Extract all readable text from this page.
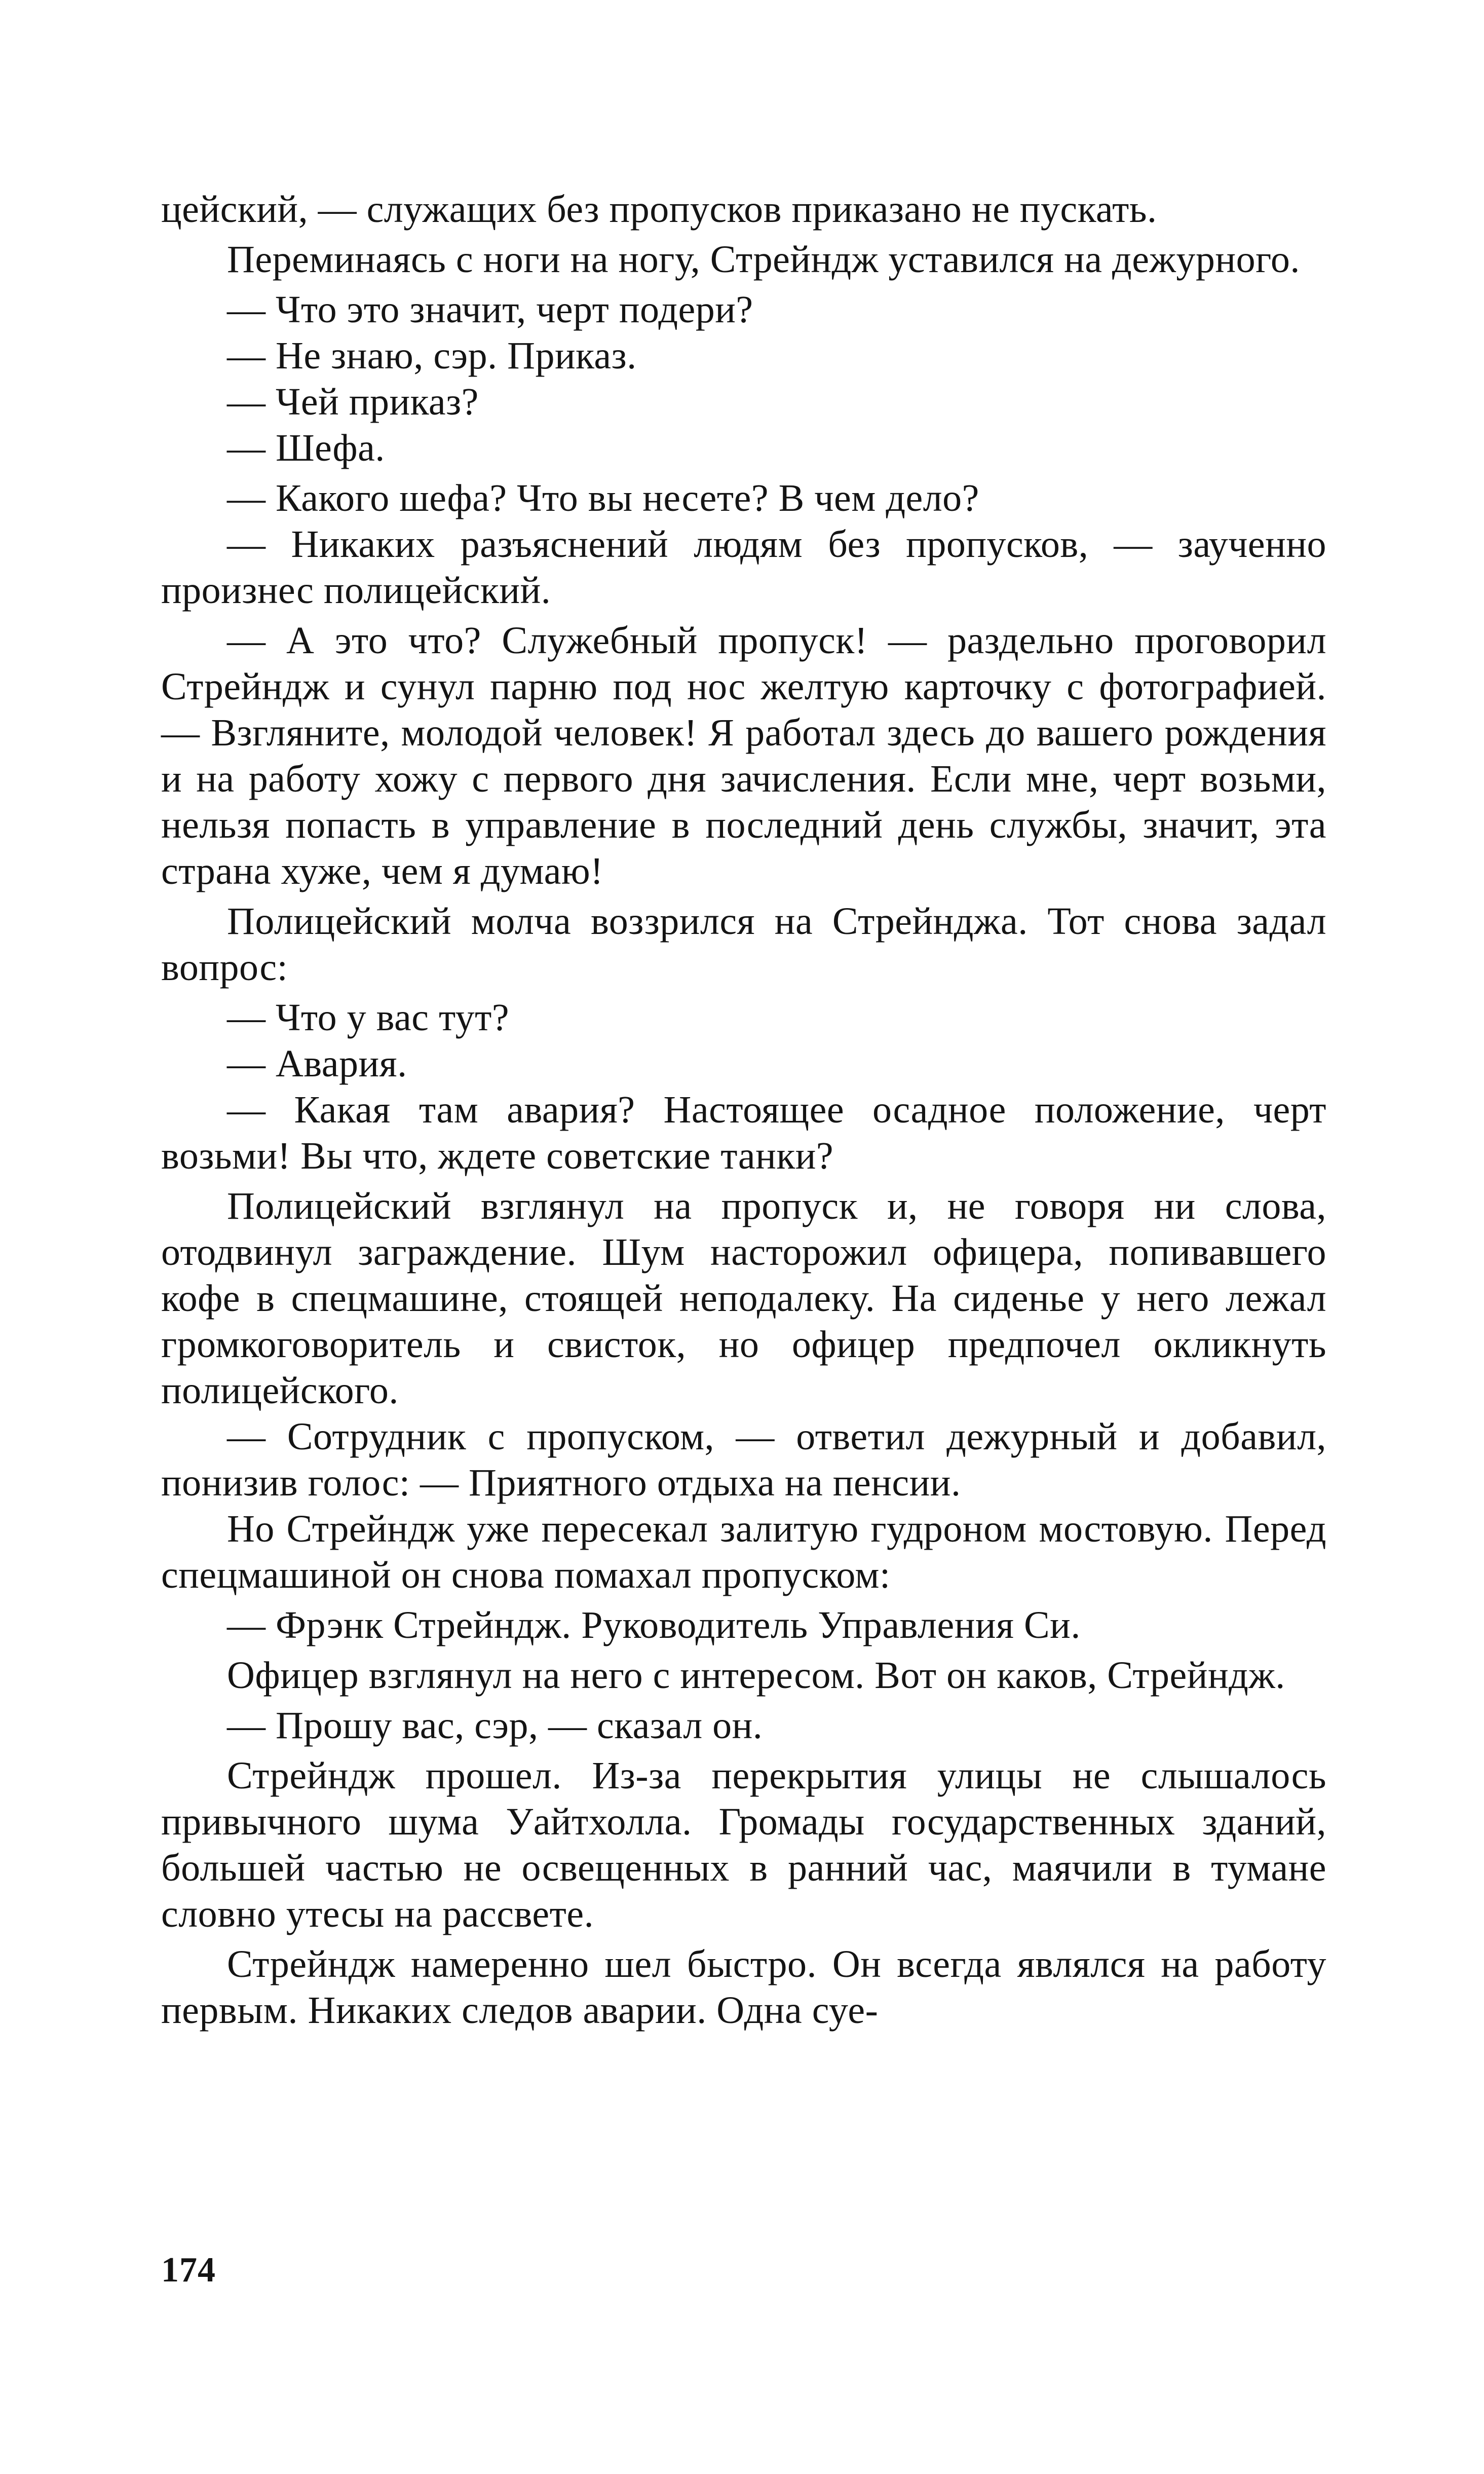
цейский, — служащих без пропусков приказано не пускать.

Переминаясь с ноги на ногу, Стрейндж уставился на дежурного.

— Что это значит, черт подери?

— Не знаю, сэр. Приказ.

— Чей приказ?

— Шефа.

— Какого шефа? Что вы несете? В чем дело?

— Никаких разъяснений людям без пропусков, — заученно произнес полицейский.

— А это что? Служебный пропуск! — раздельно проговорил Стрейндж и сунул парню под нос желтую карточку с фотографией. — Взгляните, молодой человек! Я работал здесь до вашего рождения и на работу хожу с первого дня зачисления. Если мне, черт возьми, нельзя попасть в управление в последний день службы, значит, эта страна хуже, чем я думаю!

Полицейский молча воззрился на Стрейнджа. Тот снова задал вопрос:

— Что у вас тут?

— Авария.

— Какая там авария? Настоящее осадное положение, черт возьми! Вы что, ждете советские танки?

Полицейский взглянул на пропуск и, не говоря ни слова, отодвинул заграждение. Шум насторожил офицера, попивавшего кофе в спецмашине, стоящей неподалеку. На сиденье у него лежал громкоговоритель и свисток, но офицер предпочел окликнуть полицейского.

— Сотрудник с пропуском, — ответил дежурный и добавил, понизив голос: — Приятного отдыха на пенсии.

Но Стрейндж уже пересекал залитую гудроном мостовую. Перед спецмашиной он снова помахал пропуском:

— Фрэнк Стрейндж. Руководитель Управления Си.

Офицер взглянул на него с интересом. Вот он каков, Стрейндж.

— Прошу вас, сэр, — сказал он.

Стрейндж прошел. Из-за перекрытия улицы не слышалось привычного шума Уайтхолла. Громады государственных зданий, большей частью не освещенных в ранний час, маячили в тумане словно утесы на рассвете.

Стрейндж намеренно шел быстро. Он всегда являлся на работу первым. Никаких следов аварии. Одна суе-

174
